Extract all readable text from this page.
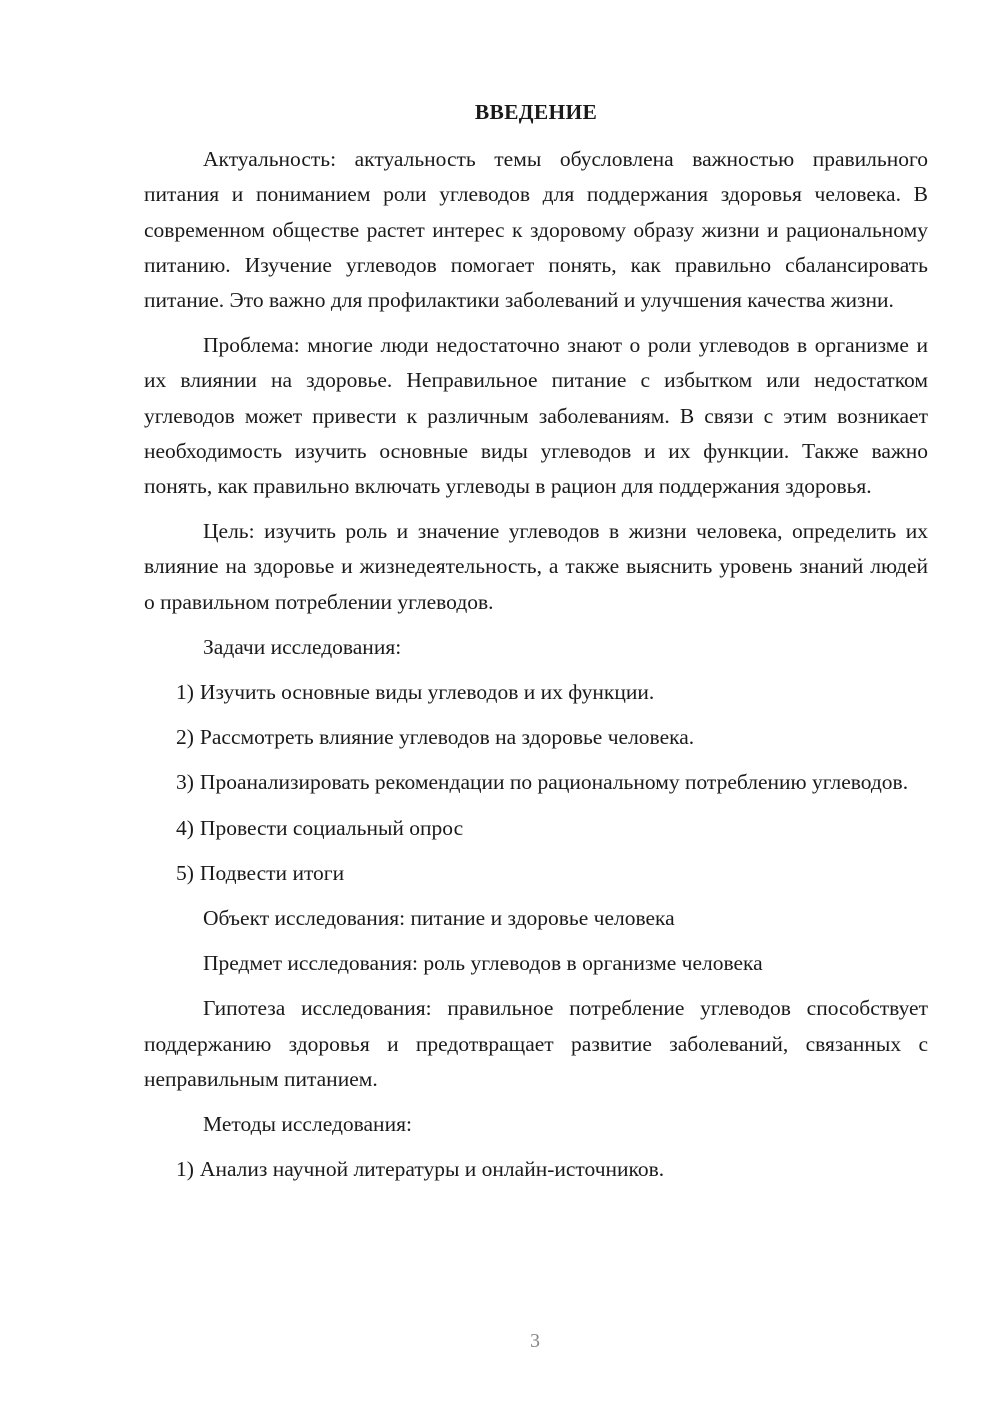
ВВЕДЕНИЕ

Актуальность: актуальность темы обусловлена важностью правильного питания и пониманием роли углеводов для поддержания здоровья человека. В современном обществе растет интерес к здоровому образу жизни и рациональному питанию. Изучение углеводов помогает понять, как правильно сбалансировать питание. Это важно для профилактики заболеваний и улучшения качества жизни.

Проблема: многие люди недостаточно знают о роли углеводов в организме и их влиянии на здоровье. Неправильное питание с избытком или недостатком углеводов может привести к различным заболеваниям. В связи с этим возникает необходимость изучить основные виды углеводов и их функции. Также важно понять, как правильно включать углеводы в рацион для поддержания здоровья.

Цель: изучить роль и значение углеводов в жизни человека, определить их влияние на здоровье и жизнедеятельность, а также выяснить уровень знаний людей о правильном потреблении углеводов.

Задачи исследования:

1) Изучить основные виды углеводов и их функции.

2) Рассмотреть влияние углеводов на здоровье человека.

3) Проанализировать рекомендации по рациональному потреблению углеводов.

4) Провести социальный опрос

5) Подвести итоги

Объект исследования: питание и здоровье человека

Предмет исследования: роль углеводов в организме человека

Гипотеза исследования: правильное потребление углеводов способствует поддержанию здоровья и предотвращает развитие заболеваний, связанных с неправильным питанием.

Методы исследования:

1) Анализ научной литературы и онлайн-источников.

3
